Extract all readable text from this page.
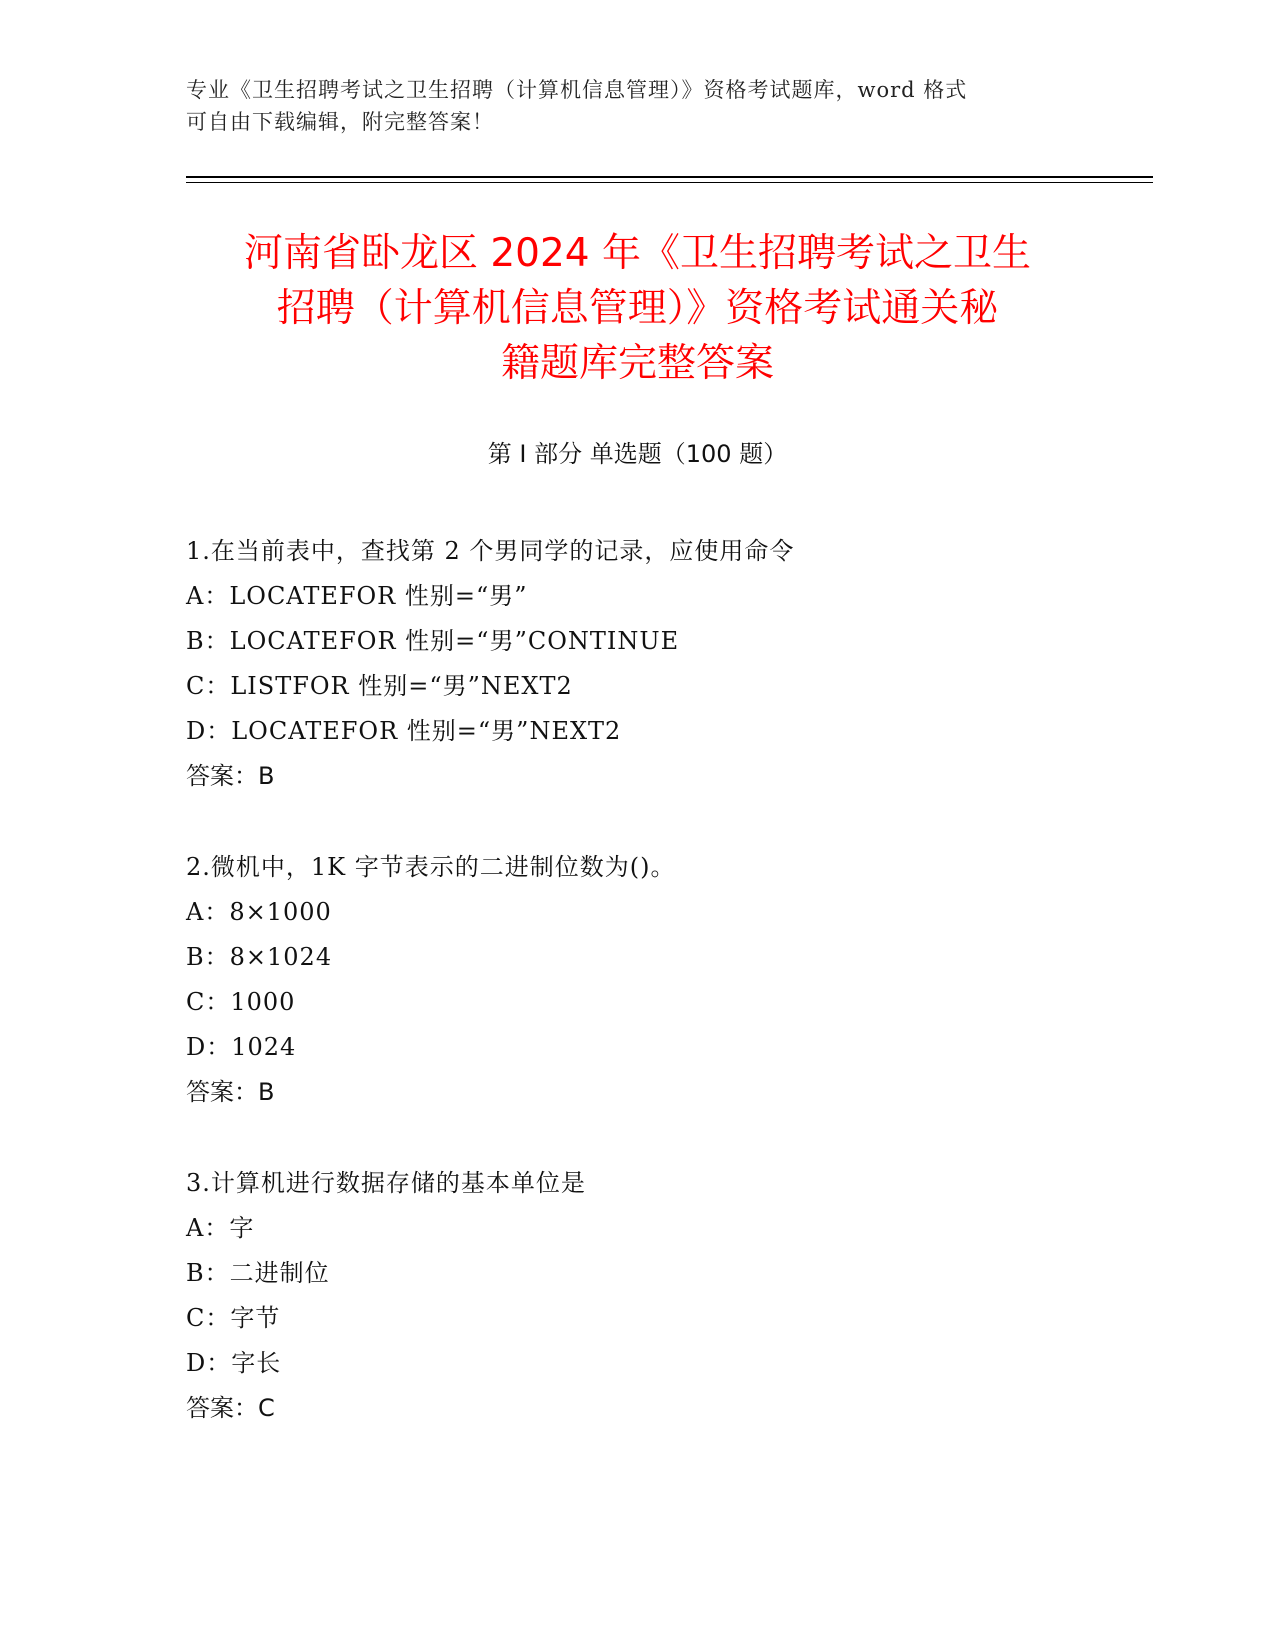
专业《卫生招聘考试之卫生招聘（计算机信息管理）》资格考试题库，word 格式
可自由下载编辑，附完整答案！
河南省卧龙区 2024 年《卫生招聘考试之卫生
招聘（计算机信息管理）》资格考试通关秘
籍题库完整答案
第 I 部分 单选题（100 题）
1.在当前表中，查找第 2 个男同学的记录，应使用命令
A：LOCATEFOR 性别=“男”
B：LOCATEFOR 性别=“男”CONTINUE
C：LISTFOR 性别=“男”NEXT2
D：LOCATEFOR 性别=“男”NEXT2
答案：B
2.微机中，1K 字节表示的二进制位数为()。
A：8×1000
B：8×1024
C：1000
D：1024
答案：B
3.计算机进行数据存储的基本单位是
A：字
B：二进制位
C：字节
D：字长
答案：C
